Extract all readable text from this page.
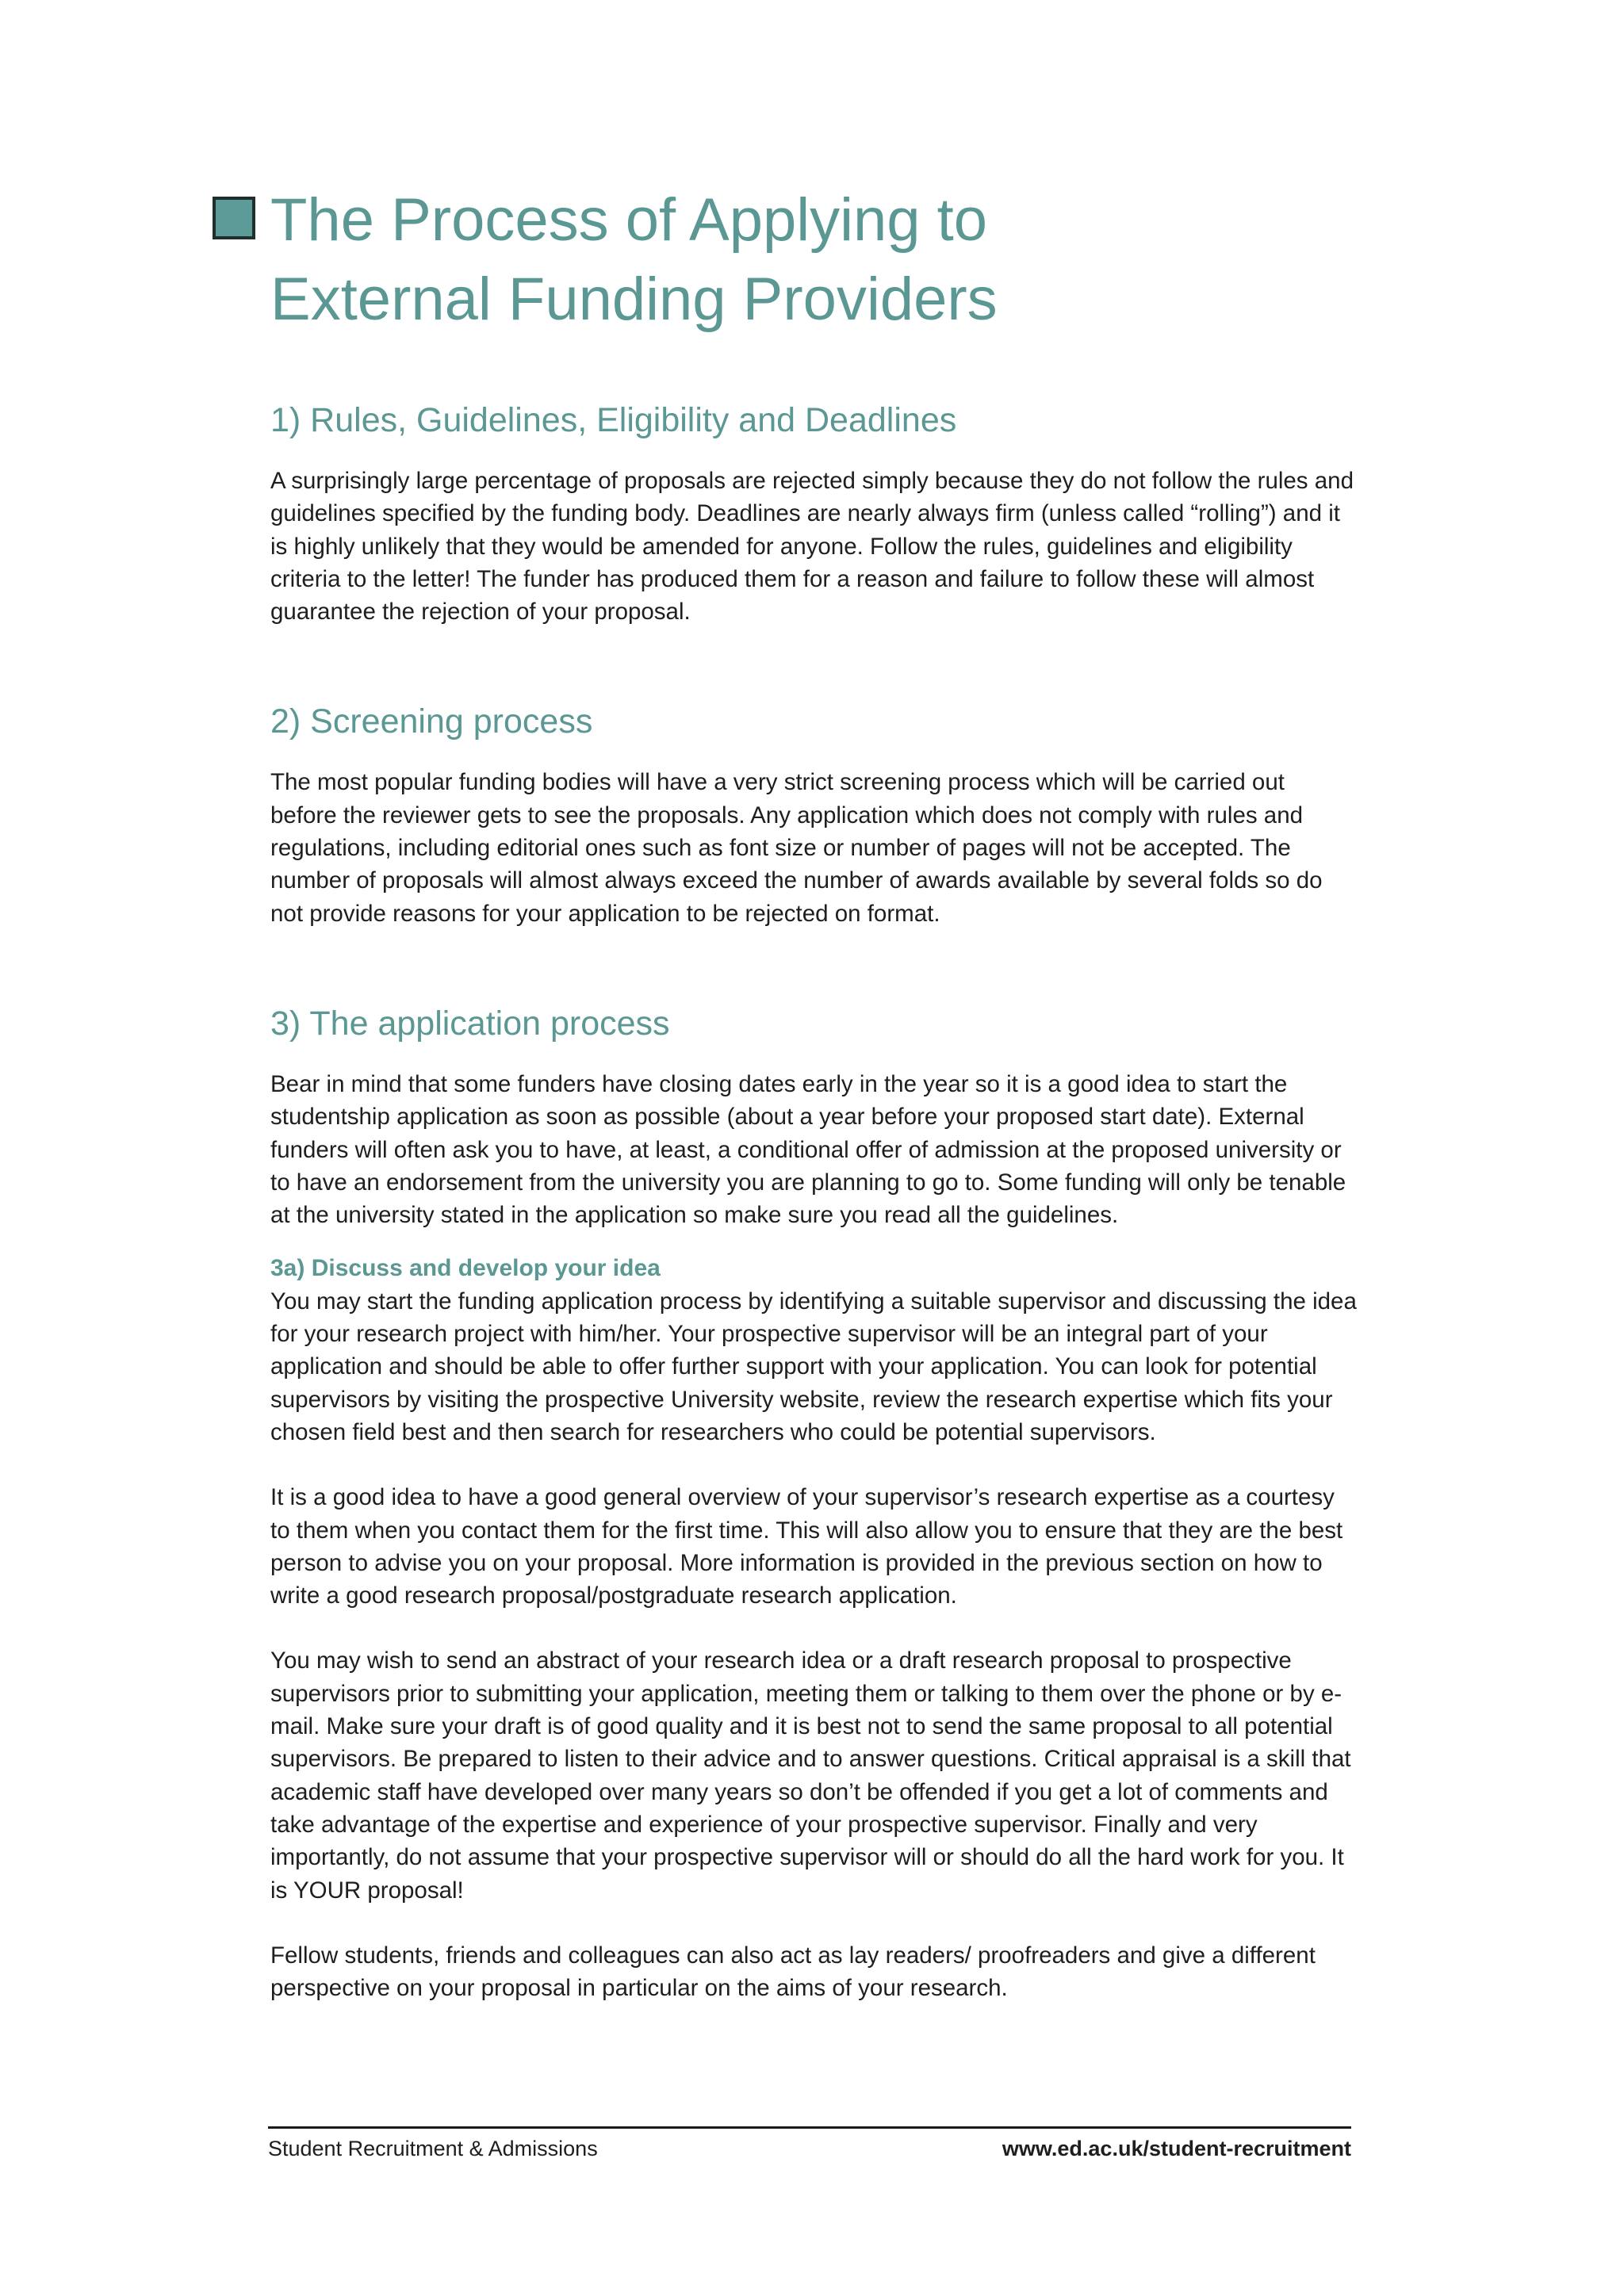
The Process of Applying to
External Funding Providers
1) Rules, Guidelines, Eligibility and Deadlines

A surprisingly large percentage of proposals are rejected simply because they do not follow the rules and guidelines specified by the funding body. Deadlines are nearly always firm (unless called “rolling”) and it is highly unlikely that they would be amended for anyone. Follow the rules, guidelines and eligibility criteria to the letter! The funder has produced them for a reason and failure to follow these will almost guarantee the rejection of your proposal.

2) Screening process

The most popular funding bodies will have a very strict screening process which will be carried out before the reviewer gets to see the proposals. Any application which does not comply with rules and regulations, including editorial ones such as font size or number of pages will not be accepted. The number of proposals will almost always exceed the number of awards available by several folds so do not provide reasons for your application to be rejected on format.

3) The application process

Bear in mind that some funders have closing dates early in the year so it is a good idea to start the studentship application as soon as possible (about a year before your proposed start date). External funders will often ask you to have, at least, a conditional offer of admission at the proposed university or to have an endorsement from the university you are planning to go to. Some funding will only be tenable at the university stated in the application so make sure you read all the guidelines.

3a) Discuss and develop your idea

You may start the funding application process by identifying a suitable supervisor and discussing the idea for your research project with him/her. Your prospective supervisor will be an integral part of your application and should be able to offer further support with your application. You can look for potential supervisors by visiting the prospective University website, review the research expertise which fits your chosen field best and then search for researchers who could be potential supervisors.

It is a good idea to have a good general overview of your supervisor’s research expertise as a courtesy to them when you contact them for the first time. This will also allow you to ensure that they are the best person to advise you on your proposal. More information is provided in the previous section on how to write a good research proposal/postgraduate research application.

You may wish to send an abstract of your research idea or a draft research proposal to prospective supervisors prior to submitting your application, meeting them or talking to them over the phone or by e-mail. Make sure your draft is of good quality and it is best not to send the same proposal to all potential supervisors. Be prepared to listen to their advice and to answer questions. Critical appraisal is a skill that academic staff have developed over many years so don’t be offended if you get a lot of comments and take advantage of the expertise and experience of your prospective supervisor. Finally and very importantly, do not assume that your prospective supervisor will or should do all the hard work for you. It is YOUR proposal!

Fellow students, friends and colleagues can also act as lay readers/ proofreaders and give a different perspective on your proposal in particular on the aims of your research.

Student Recruitment & Admissions	www.ed.ac.uk/student-recruitment
